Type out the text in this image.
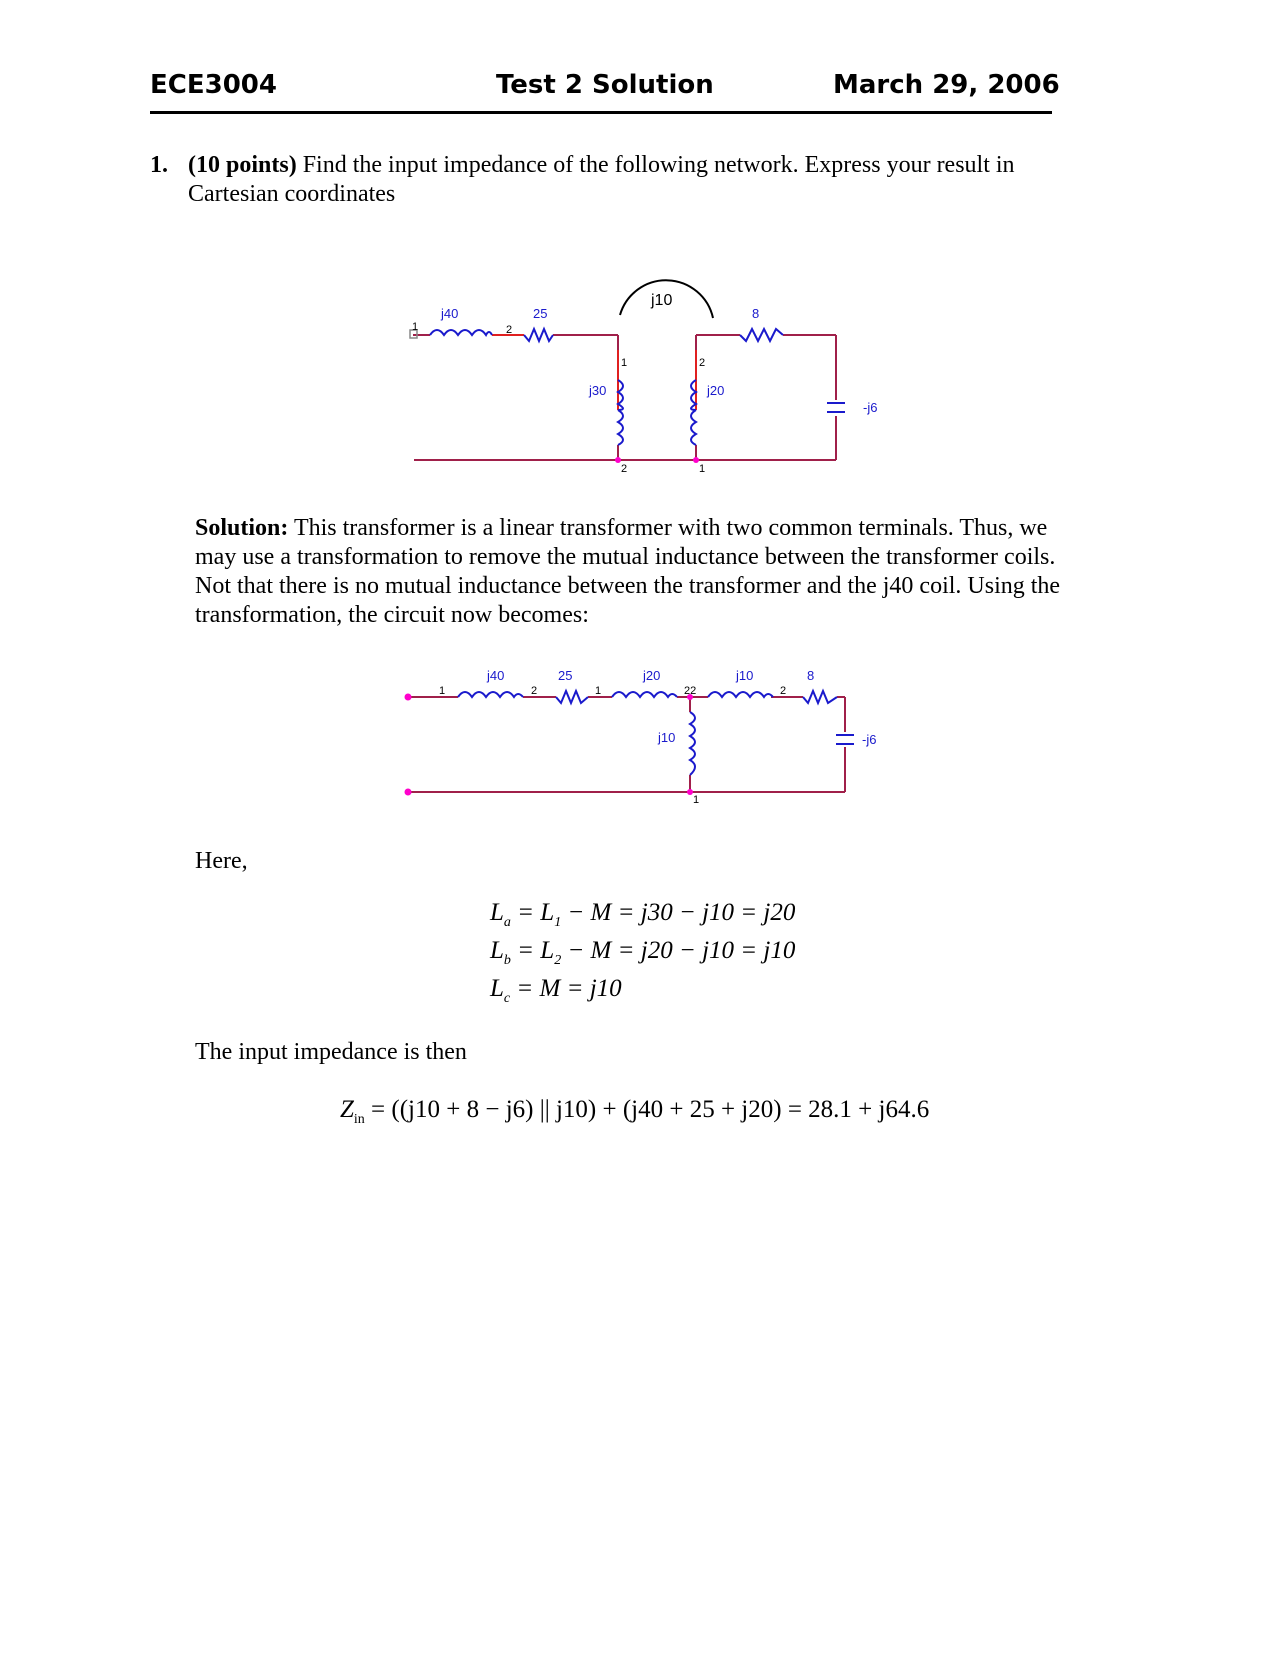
ECE3004	Test 2 Solution	March 29, 2006
1. (10 points) Find the input impedance of the following network. Express your result in
Cartesian coordinates
j40	25
j30	j20
8
-j6
j10
1	2
1	2
2	1
Solution: This transformer is a linear transformer with two common terminals. Thus, we
may use a transformation to remove the mutual inductance between the transformer coils.
Not that there is no mutual inductance between the transformer and the j40 coil. Using the
transformation, the circuit now becomes:
j40	25	j20	j10	8
j10	-j6
1	2	1	22	2
1
Here,
$L_a = L_1 - M = j30 - j10 = j20$
$L_b = L_2 - M = j20 - j10 = j10$
$L_c = M = j10$
The input impedance is then
$Z_{in} = ((j10 + 8 - j6)$ || j10) + (j40 + 25 + j20) = 28.1 + j64.6
